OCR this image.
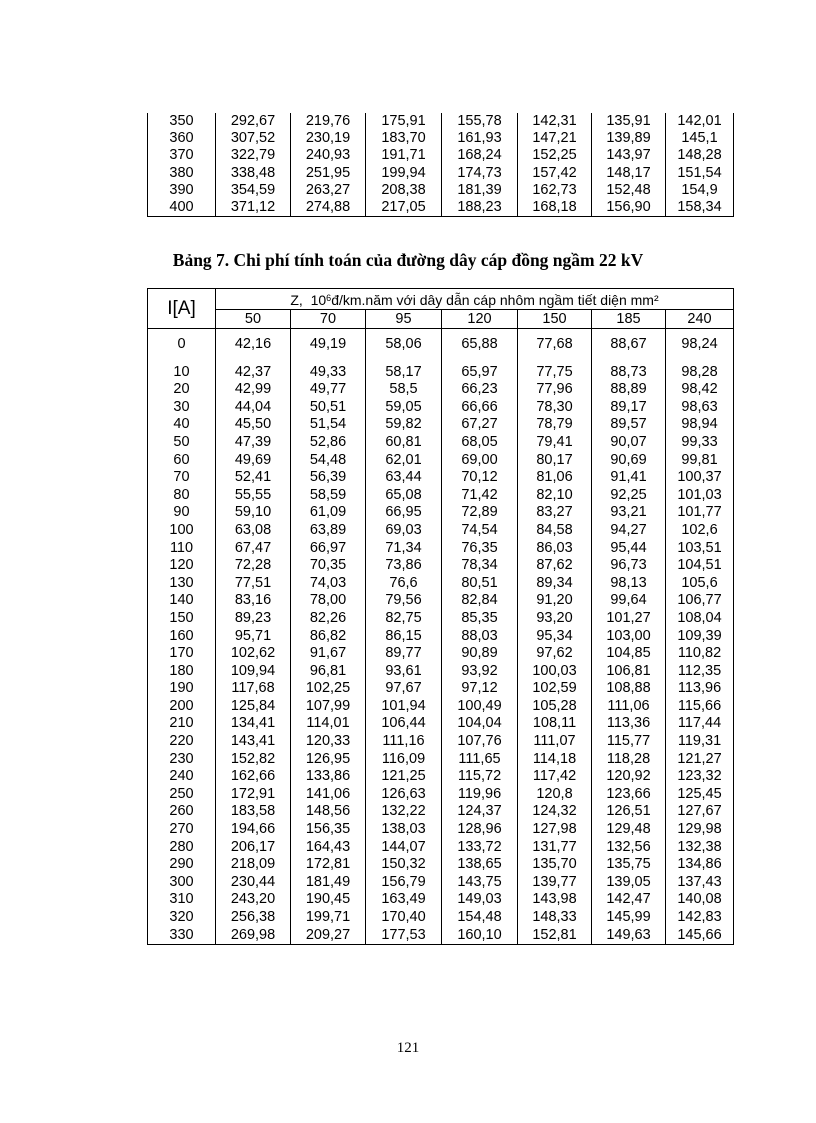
350	292,67	219,76	175,91	155,78	142,31	135,91	142,01
360	307,52	230,19	183,70	161,93	147,21	139,89	145,1
370	322,79	240,93	191,71	168,24	152,25	143,97	148,28
380	338,48	251,95	199,94	174,73	157,42	148,17	151,54
390	354,59	263,27	208,38	181,39	162,73	152,48	154,9
400	371,12	274,88	217,05	188,23	168,18	156,90	158,34
Bảng 7. Chi phí tính toán của đường dây cáp đồng ngầm 22 kV
I[A]	Z, $10^6đ/km.năm$ với dây dẫn cáp nhôm ngầm tiết diện mm²						
	50	70	95	120	150	185	240
0	42,16	49,19	58,06	65,88	77,68	88,67	98,24

10	42,37	49,33	58,17	65,97	77,75	88,73	98,28
20	42,99	49,77	58,5	66,23	77,96	88,89	98,42
30	44,04	50,51	59,05	66,66	78,30	89,17	98,63
40	45,50	51,54	59,82	67,27	78,79	89,57	98,94
50	47,39	52,86	60,81	68,05	79,41	90,07	99,33
60	49,69	54,48	62,01	69,00	80,17	90,69	99,81
70	52,41	56,39	63,44	70,12	81,06	91,41	100,37
80	55,55	58,59	65,08	71,42	82,10	92,25	101,03
90	59,10	61,09	66,95	72,89	83,27	93,21	101,77
100	63,08	63,89	69,03	74,54	84,58	94,27	102,6
110	67,47	66,97	71,34	76,35	86,03	95,44	103,51
120	72,28	70,35	73,86	78,34	87,62	96,73	104,51
130	77,51	74,03	76,6	80,51	89,34	98,13	105,6
140	83,16	78,00	79,56	82,84	91,20	99,64	106,77
150	89,23	82,26	82,75	85,35	93,20	101,27	108,04
160	95,71	86,82	86,15	88,03	95,34	103,00	109,39
170	102,62	91,67	89,77	90,89	97,62	104,85	110,82
180	109,94	96,81	93,61	93,92	100,03	106,81	112,35
190	117,68	102,25	97,67	97,12	102,59	108,88	113,96
200	125,84	107,99	101,94	100,49	105,28	111,06	115,66
210	134,41	114,01	106,44	104,04	108,11	113,36	117,44
220	143,41	120,33	111,16	107,76	111,07	115,77	119,31
230	152,82	126,95	116,09	111,65	114,18	118,28	121,27
240	162,66	133,86	121,25	115,72	117,42	120,92	123,32
250	172,91	141,06	126,63	119,96	120,8	123,66	125,45
260	183,58	148,56	132,22	124,37	124,32	126,51	127,67
270	194,66	156,35	138,03	128,96	127,98	129,48	129,98
280	206,17	164,43	144,07	133,72	131,77	132,56	132,38
290	218,09	172,81	150,32	138,65	135,70	135,75	134,86
300	230,44	181,49	156,79	143,75	139,77	139,05	137,43
310	243,20	190,45	163,49	149,03	143,98	142,47	140,08
320	256,38	199,71	170,40	154,48	148,33	145,99	142,83
330	269,98	209,27	177,53	160,10	152,81	149,63	145,66
121
